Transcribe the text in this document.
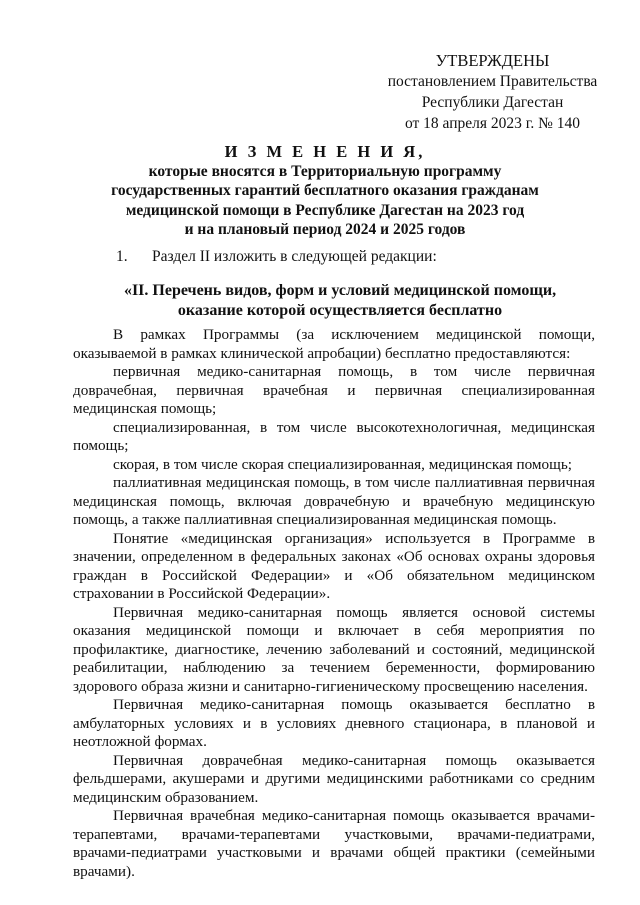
УТВЕРЖДЕНЫ
постановлением Правительства
Республики Дагестан
от 18 апреля 2023 г. № 140
И З М Е Н Е Н И Я,
которые вносятся в Территориальную программу
государственных гарантий бесплатного оказания гражданам
медицинской помощи в Республике Дагестан на 2023 год
и на плановый период 2024 и 2025 годов
1. Раздел II изложить в следующей редакции:
«II. Перечень видов, форм и условий медицинской помощи,
оказание которой осуществляется бесплатно

В рамках Программы (за исключением медицинской помощи, оказываемой в рамках клинической апробации) бесплатно предоставляются:

первичная медико-санитарная помощь, в том числе первичная доврачебная, первичная врачебная и первичная специализированная медицинская помощь;

специализированная, в том числе высокотехнологичная, медицинская помощь;

скорая, в том числе скорая специализированная, медицинская помощь;

паллиативная медицинская помощь, в том числе паллиативная первичная медицинская помощь, включая доврачебную и врачебную медицинскую помощь, а также паллиативная специализированная медицинская помощь.

Понятие «медицинская организация» используется в Программе в значении, определенном в федеральных законах «Об основах охраны здоровья граждан в Российской Федерации» и «Об обязательном медицинском страховании в Российской Федерации».

Первичная медико-санитарная помощь является основой системы оказания медицинской помощи и включает в себя мероприятия по профилактике, диагностике, лечению заболеваний и состояний, медицинской реабилитации, наблюдению за течением беременности, формированию здорового образа жизни и санитарно-гигиеническому просвещению населения.

Первичная медико-санитарная помощь оказывается бесплатно в амбулаторных условиях и в условиях дневного стационара, в плановой и неотложной формах.

Первичная доврачебная медико-санитарная помощь оказывается фельдшерами, акушерами и другими медицинскими работниками со средним медицинским образованием.

Первичная врачебная медико-санитарная помощь оказывается врачами-терапевтами, врачами-терапевтами участковыми, врачами-педиатрами, врачами-педиатрами участковыми и врачами общей практики (семейными врачами).
